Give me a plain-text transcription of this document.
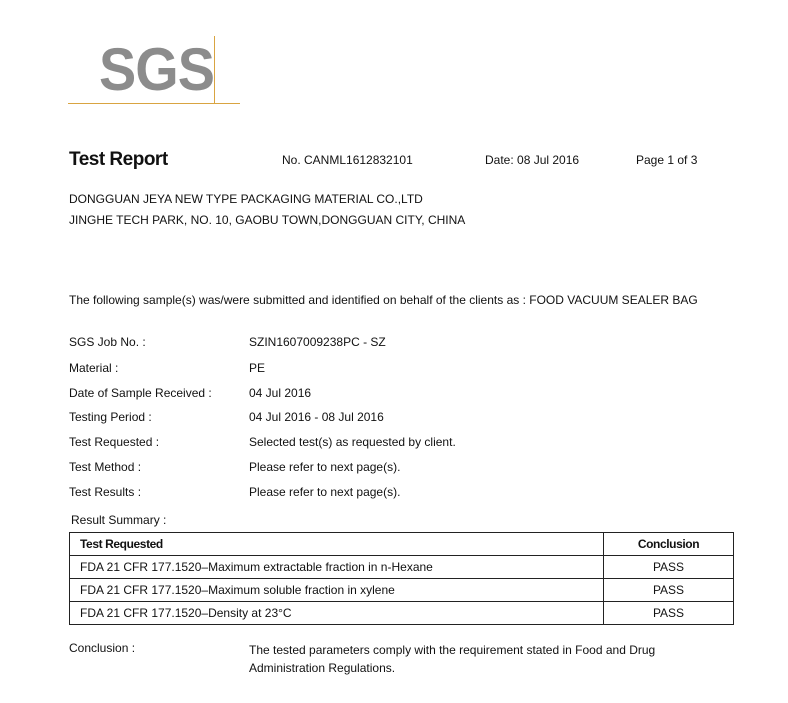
SGS
Test Report	No. CANML1612832101	Date: 08 Jul 2016	Page 1 of 3
DONGGUAN JEYA NEW TYPE PACKAGING MATERIAL CO.,LTD
JINGHE TECH PARK, NO. 10, GAOBU TOWN,DONGGUAN CITY, CHINA
The following sample(s) was/were submitted and identified on behalf of the clients as : FOOD VACUUM SEALER BAG
SGS Job No. :	SZIN1607009238PC - SZ
Material :	PE
Date of Sample Received :	04 Jul 2016
Testing Period :	04 Jul 2016 - 08 Jul 2016
Test Requested :	Selected test(s) as requested by client.
Test Method :	Please refer to next page(s).
Test Results :	Please refer to next page(s).
Result Summary :
Test Requested	Conclusion
FDA 21 CFR 177.1520–Maximum extractable fraction in n-Hexane	PASS
FDA 21 CFR 177.1520–Maximum soluble fraction in xylene	PASS
FDA 21 CFR 177.1520–Density at 23°C	PASS
Conclusion :	The tested parameters comply with the requirement stated in Food and Drug Administration Regulations.
